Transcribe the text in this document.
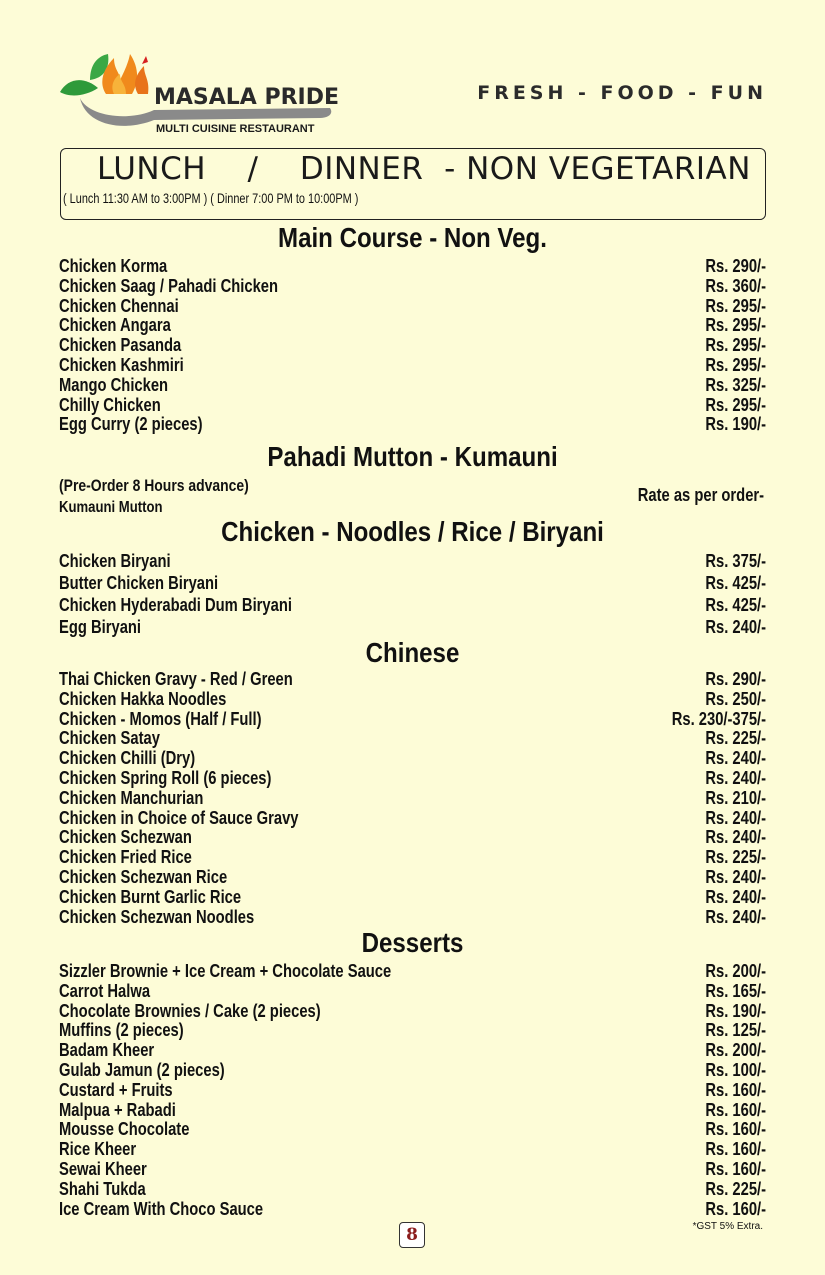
MASALA PRIDE
MULTI CUISINE RESTAURANT
FRESH - FOOD - FUN
LUNCH    /    DINNER  - NON VEGETARIAN
( Lunch 11:30 AM to 3:00PM ) ( Dinner 7:00 PM to 10:00PM )
Main Course - Non Veg.
Chicken Korma	Rs. 290/-
Chicken Saag / Pahadi Chicken	Rs. 360/-
Chicken Chennai	Rs. 295/-
Chicken Angara	Rs. 295/-
Chicken Pasanda	Rs. 295/-
Chicken Kashmiri	Rs. 295/-
Mango Chicken	Rs. 325/-
Chilly Chicken	Rs. 295/-
Egg Curry (2 pieces)	Rs. 190/-
Pahadi Mutton - Kumauni
(Pre-Order 8 Hours advance)
Kumauni Mutton
Rate as per order-
Chicken - Noodles / Rice / Biryani
Chicken Biryani	Rs. 375/-
Butter Chicken Biryani	Rs. 425/-
Chicken Hyderabadi Dum Biryani	Rs. 425/-
Egg Biryani	Rs. 240/-
Chinese
Thai Chicken Gravy - Red / Green	Rs. 290/-
Chicken Hakka Noodles	Rs. 250/-
Chicken - Momos (Half / Full)	Rs. 230/-375/-
Chicken Satay	Rs. 225/-
Chicken Chilli (Dry)	Rs. 240/-
Chicken Spring Roll (6 pieces)	Rs. 240/-
Chicken Manchurian	Rs. 210/-
Chicken in Choice of Sauce Gravy	Rs. 240/-
Chicken Schezwan	Rs. 240/-
Chicken Fried Rice	Rs. 225/-
Chicken Schezwan Rice	Rs. 240/-
Chicken Burnt Garlic Rice	Rs. 240/-
Chicken Schezwan Noodles	Rs. 240/-
Desserts
Sizzler Brownie + Ice Cream + Chocolate Sauce	Rs. 200/-
Carrot Halwa	Rs. 165/-
Chocolate Brownies / Cake (2 pieces)	Rs. 190/-
Muffins (2 pieces)	Rs. 125/-
Badam Kheer	Rs. 200/-
Gulab Jamun (2 pieces)	Rs. 100/-
Custard + Fruits	Rs. 160/-
Malpua + Rabadi	Rs. 160/-
Mousse Chocolate	Rs. 160/-
Rice Kheer	Rs. 160/-
Sewai Kheer	Rs. 160/-
Shahi Tukda	Rs. 225/-
Ice Cream With Choco Sauce	Rs. 160/-
8	*GST 5% Extra.
